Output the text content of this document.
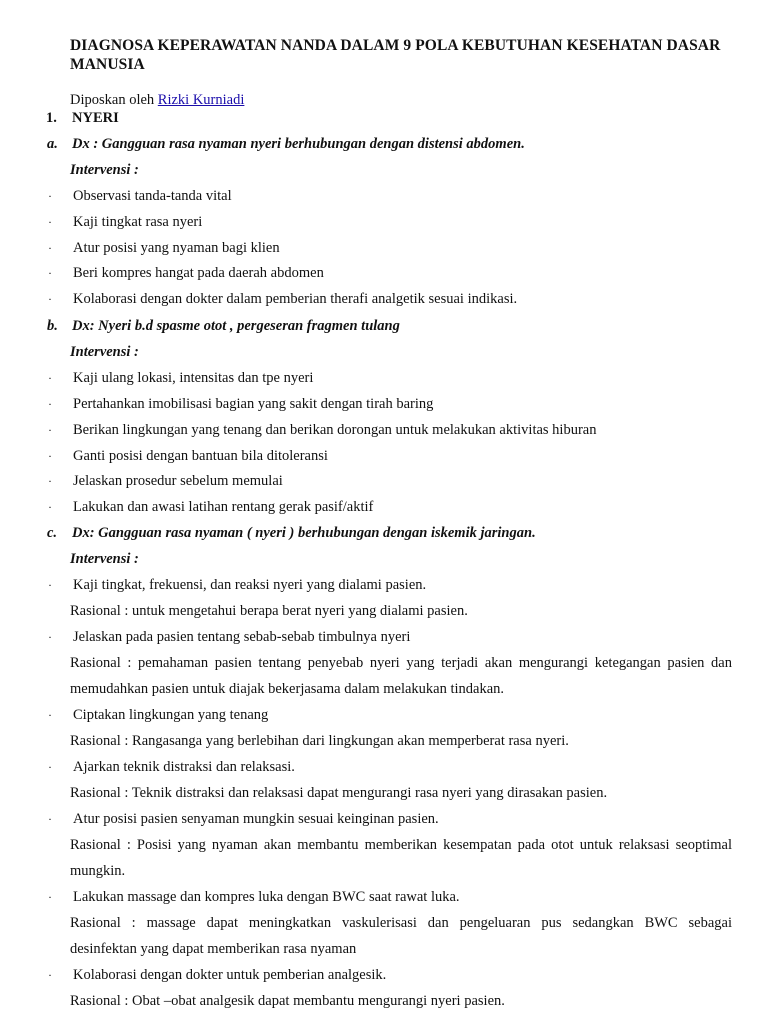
DIAGNOSA KEPERAWATAN NANDA DALAM 9 POLA KEBUTUHAN KESEHATAN DASAR MANUSIA
Diposkan oleh Rizki Kurniadi
1. NYERI
a. Dx : Gangguan rasa nyaman nyeri berhubungan dengan distensi abdomen.
Intervensi :
· Observasi tanda-tanda vital
· Kaji tingkat rasa nyeri
· Atur posisi yang nyaman bagi klien
· Beri kompres hangat pada daerah abdomen
· Kolaborasi dengan dokter dalam pemberian therafi analgetik sesuai indikasi.
b. Dx: Nyeri b.d spasme otot , pergeseran fragmen tulang
Intervensi :
· Kaji ulang lokasi, intensitas dan tpe nyeri
· Pertahankan imobilisasi bagian yang sakit dengan tirah baring
· Berikan lingkungan yang tenang dan berikan dorongan untuk melakukan aktivitas hiburan
· Ganti posisi dengan bantuan bila ditoleransi
· Jelaskan prosedur sebelum memulai
· Lakukan dan awasi latihan rentang gerak pasif/aktif
c. Dx: Gangguan rasa nyaman ( nyeri ) berhubungan dengan iskemik jaringan.
Intervensi :
· Kaji tingkat, frekuensi, dan reaksi nyeri yang dialami pasien.
Rasional : untuk mengetahui berapa berat nyeri yang dialami pasien.
· Jelaskan pada pasien tentang sebab-sebab timbulnya nyeri
Rasional : pemahaman pasien tentang penyebab nyeri yang terjadi akan mengurangi ketegangan pasien dan
memudahkan pasien untuk diajak bekerjasama dalam melakukan tindakan.
· Ciptakan lingkungan yang tenang
Rasional : Rangasanga yang berlebihan dari lingkungan akan memperberat rasa nyeri.
· Ajarkan teknik distraksi dan relaksasi.
Rasional : Teknik distraksi dan relaksasi dapat mengurangi rasa nyeri yang dirasakan pasien.
· Atur posisi pasien senyaman mungkin sesuai keinginan pasien.
Rasional : Posisi yang nyaman akan membantu memberikan kesempatan pada otot untuk relaksasi seoptimal
mungkin.
· Lakukan massage dan kompres luka dengan BWC saat rawat luka.
Rasional : massage dapat meningkatkan vaskulerisasi dan pengeluaran pus sedangkan BWC sebagai
desinfektan yang dapat memberikan rasa nyaman
· Kolaborasi dengan dokter untuk pemberian analgesik.
Rasional : Obat –obat analgesik dapat membantu mengurangi nyeri pasien.
